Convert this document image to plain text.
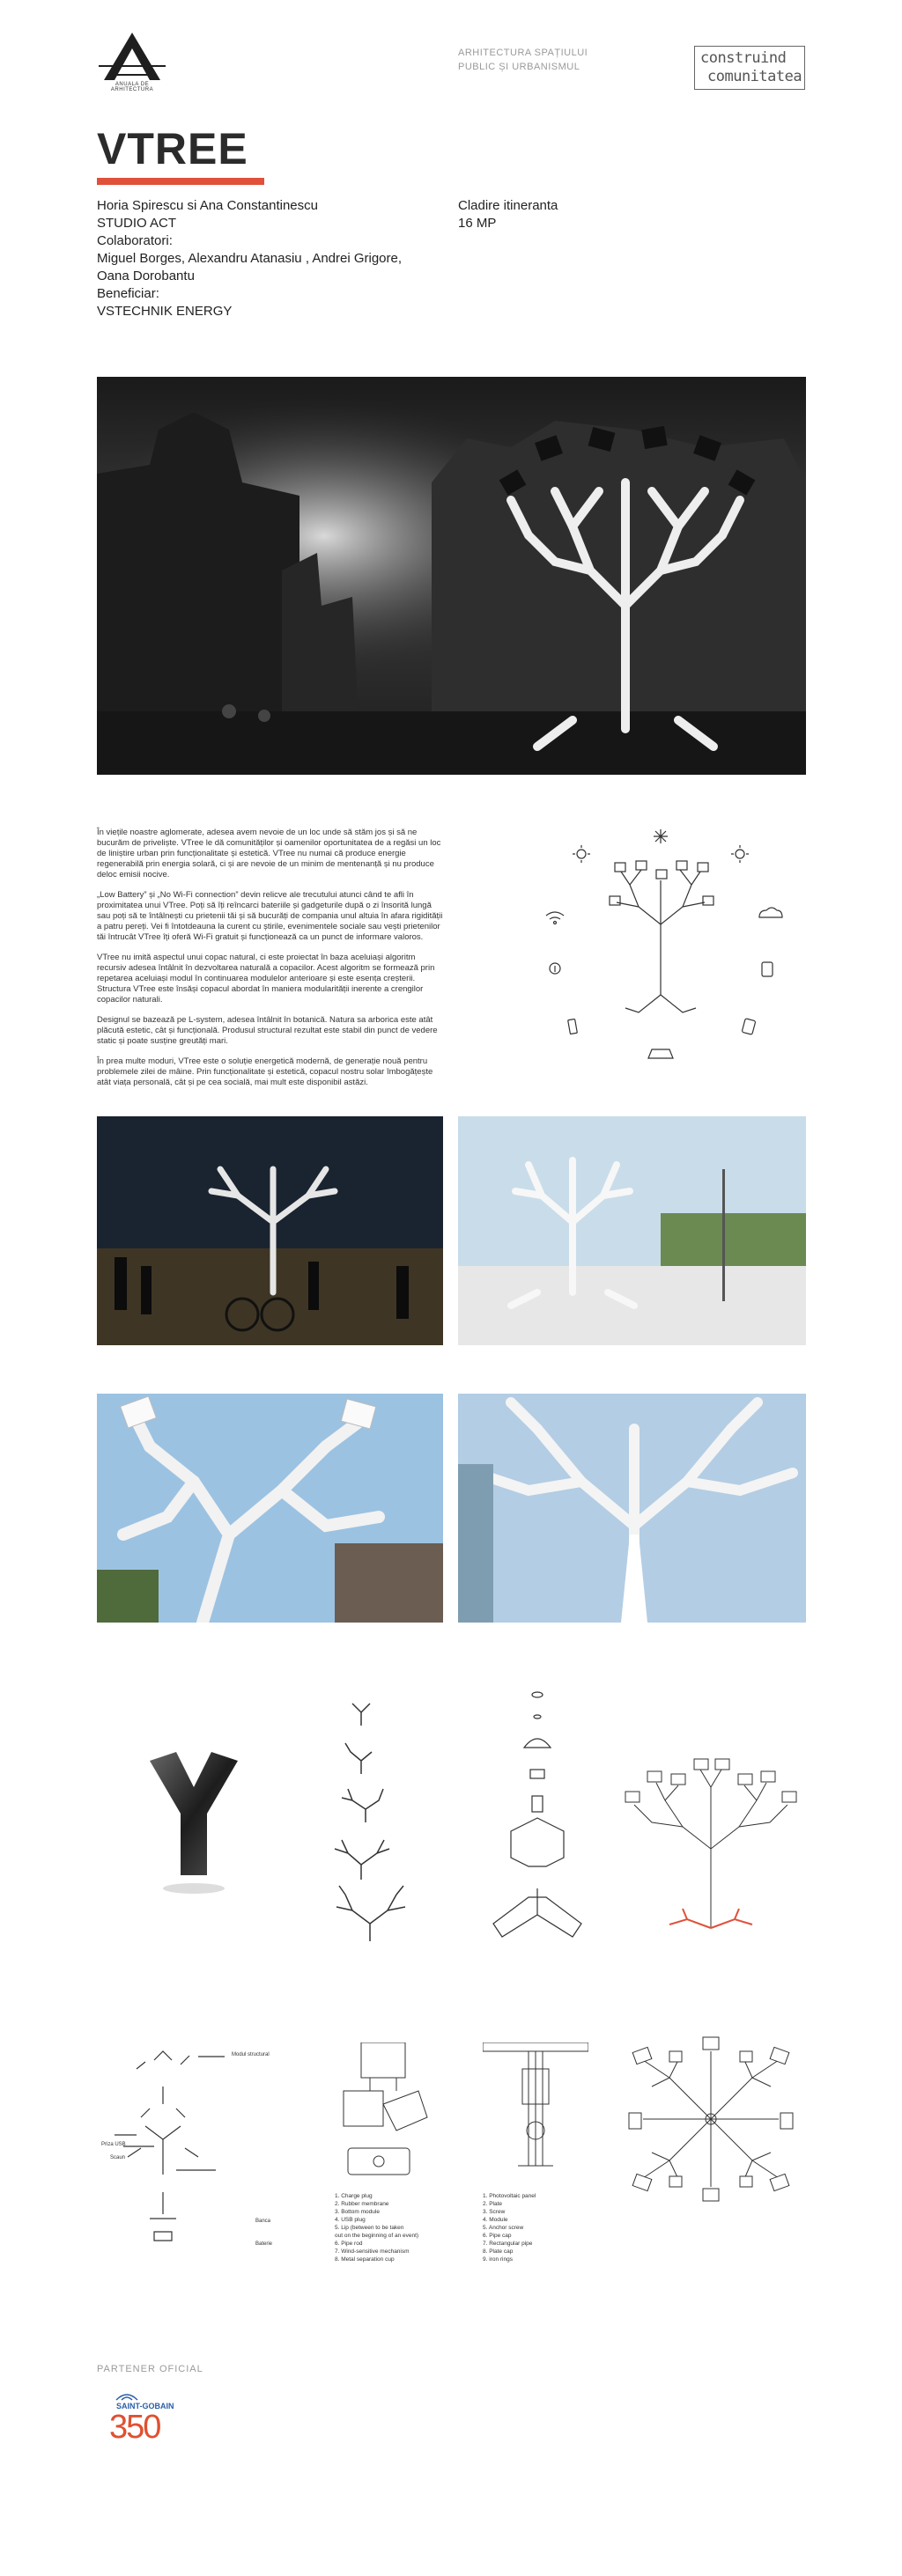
ANUALA DE ARHITECTURA
ARHITECTURA SPAȚIULUI
PUBLIC ȘI URBANISMUL	construind
comunitatea
VTREE
Horia Spirescu si Ana Constantinescu
STUDIO ACT
Colaboratori:
Miguel Borges, Alexandru Atanasiu , Andrei Grigore,
Oana Dorobantu
Beneficiar:
VSTECHNIK ENERGY
Cladire itineranta
16 MP

În viețile noastre aglomerate, adesea avem nevoie de un loc unde să stăm jos și să ne bucurăm de priveliște. VTree le dă comunităților și oamenilor oportunitatea de a regăsi un loc de liniștire urban prin funcționalitate și estetică. VTree nu numai că produce energie regenerabilă prin energia solară, ci și are nevoie de un minim de mentenanță și nu produce deloc emisii nocive.

„Low Battery” și „No Wi-Fi connection” devin relicve ale trecutului atunci când te afli în proximitatea unui VTree. Poți să îți reîncarci bateriile și gadgeturile după o zi însorită lungă sau poți să te întâlnești cu prietenii tăi și să bucurăți de compania unul altuia în afara rigidității a patru pereți. Vei fi întotdeauna la curent cu știrile, evenimentele sociale sau vești prietenilor tăi întrucât VTree îți oferă Wi-Fi gratuit și funcționează ca un punct de informare valoros.

VTree nu imită aspectul unui copac natural, ci este proiectat în baza aceluiași algoritm recursiv adesea întâlnit în dezvoltarea naturală a copacilor. Acest algoritm se formează prin repetarea aceluiași modul în continuarea modulelor anterioare și este esența creșterii. Structura VTree este însăși copacul abordat în maniera modularității inerente a crengilor copacilor naturali.

Designul se bazează pe L-system, adesea întâlnit în botanică. Natura sa arborica este atât plăcută estetic, cât și funcțională. Produsul structural rezultat este stabil din punct de vedere static și poate susține greutăți mari.

În prea multe moduri, VTree este o soluție energetică modernă, de generație nouă pentru problemele zilei de mâine. Prin funcționalitate și estetică, copacul nostru solar îmbogățește atât viața personală, cât și pe cea socială, mai mult este disponibil astăzi.

Modul structural
Priza USB
Scaun
Banca
Baterie
1. Charge plug
2. Rubber membrane
3. Bottom module
4. USB plug
5. Lip (between to be taken
out on the beginning of an event)
6. Pipe rod
7. Wind-sensitive mechanism
8. Metal separation cup
1. Photovoltaic panel
2. Plate
3. Screw
4. Module
5. Anchor screw
6. Pipe cap
7. Rectangular pipe
8. Plate cap
9. iron rings
PARTENER OFICIAL
SAINT-GOBAIN
350
